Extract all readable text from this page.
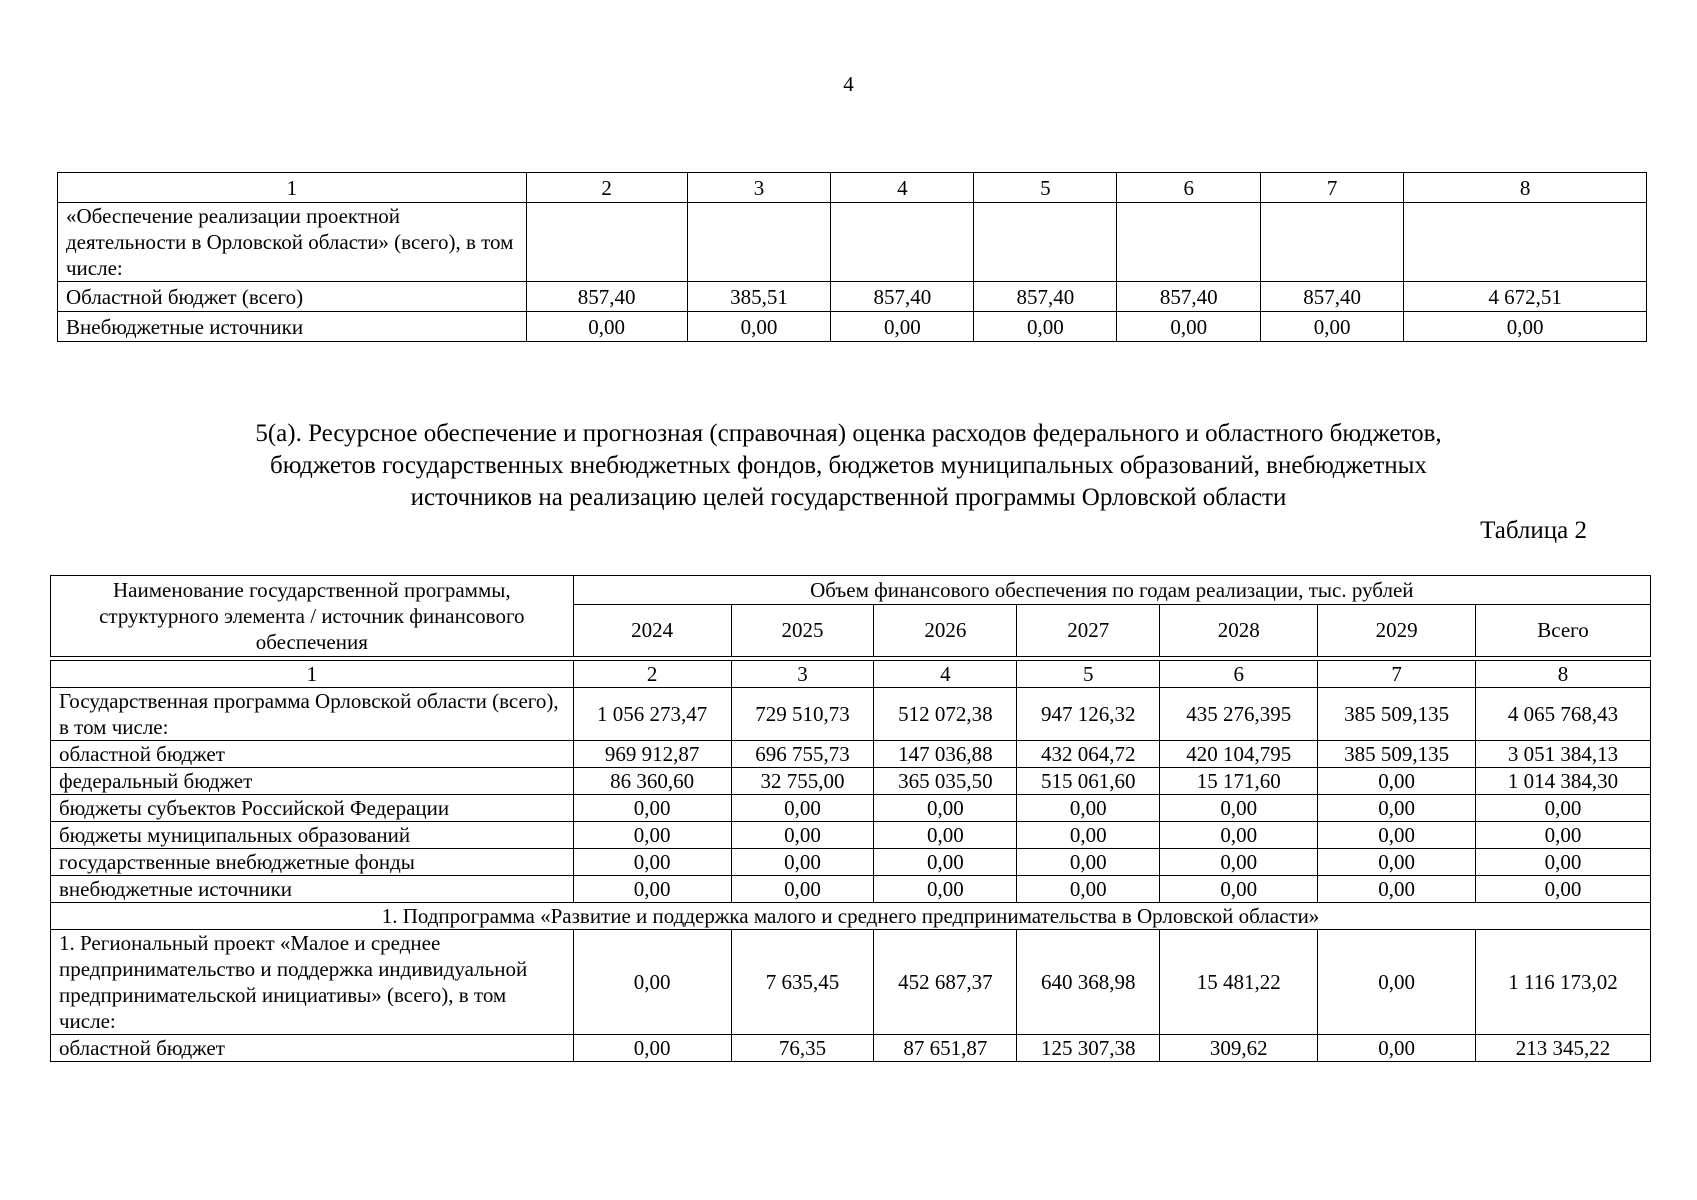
4
1	2	3	4	5	6	7	8
«Обеспечение реализации проектной деятельности в Орловской области» (всего), в том числе:							
Областной бюджет (всего)	857,40	385,51	857,40	857,40	857,40	857,40	4 672,51
Внебюджетные источники	0,00	0,00	0,00	0,00	0,00	0,00	0,00
5(а). Ресурсное обеспечение и прогнозная (справочная) оценка расходов федерального и областного бюджетов,
бюджетов государственных внебюджетных фондов, бюджетов муниципальных образований, внебюджетных
источников на реализацию целей государственной программы Орловской области
Таблица 2
Наименование государственной программы, структурного элемента / источник финансового обеспечения	Объем финансового обеспечения по годам реализации, тыс. рублей						
	2024	2025	2026	2027	2028	2029	Всего

1	2	3	4	5	6	7	8
Государственная программа Орловской области (всего), в том числе:	1 056 273,47	729 510,73	512 072,38	947 126,32	435 276,395	385 509,135	4 065 768,43
областной бюджет	969 912,87	696 755,73	147 036,88	432 064,72	420 104,795	385 509,135	3 051 384,13
федеральный бюджет	86 360,60	32 755,00	365 035,50	515 061,60	15 171,60	0,00	1 014 384,30
бюджеты субъектов Российской Федерации	0,00	0,00	0,00	0,00	0,00	0,00	0,00
бюджеты муниципальных образований	0,00	0,00	0,00	0,00	0,00	0,00	0,00
государственные внебюджетные фонды	0,00	0,00	0,00	0,00	0,00	0,00	0,00
внебюджетные источники	0,00	0,00	0,00	0,00	0,00	0,00	0,00
1. Подпрограмма «Развитие и поддержка малого и среднего предпринимательства в Орловской области»							
1. Региональный проект «Малое и среднее предпринимательство и поддержка индивидуальной предпринимательской инициативы» (всего), в том числе:	0,00	7 635,45	452 687,37	640 368,98	15 481,22	0,00	1 116 173,02
областной бюджет	0,00	76,35	87 651,87	125 307,38	309,62	0,00	213 345,22
